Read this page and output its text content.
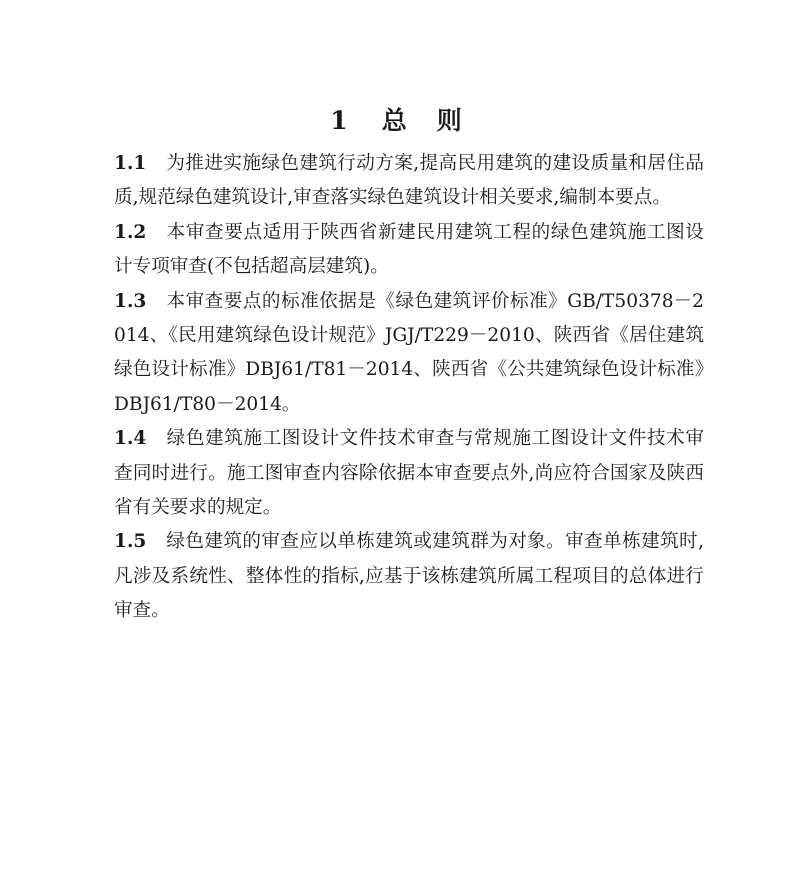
1 总 则

1.1 为推进实施绿色建筑行动方案,提高民用建筑的建设质量和居住品质,规范绿色建筑设计,审查落实绿色建筑设计相关要求,编制本要点。

1.2 本审查要点适用于陕西省新建民用建筑工程的绿色建筑施工图设计专项审查(不包括超高层建筑)。

1.3 本审查要点的标准依据是《绿色建筑评价标准》GB/T50378－2014、《民用建筑绿色设计规范》JGJ/T229－2010、陕西省《居住建筑绿色设计标准》DBJ61/T81－2014、陕西省《公共建筑绿色设计标准》DBJ61/T80－2014。

1.4 绿色建筑施工图设计文件技术审查与常规施工图设计文件技术审查同时进行。施工图审查内容除依据本审查要点外,尚应符合国家及陕西省有关要求的规定。

1.5 绿色建筑的审查应以单栋建筑或建筑群为对象。审查单栋建筑时,凡涉及系统性、整体性的指标,应基于该栋建筑所属工程项目的总体进行审查。
